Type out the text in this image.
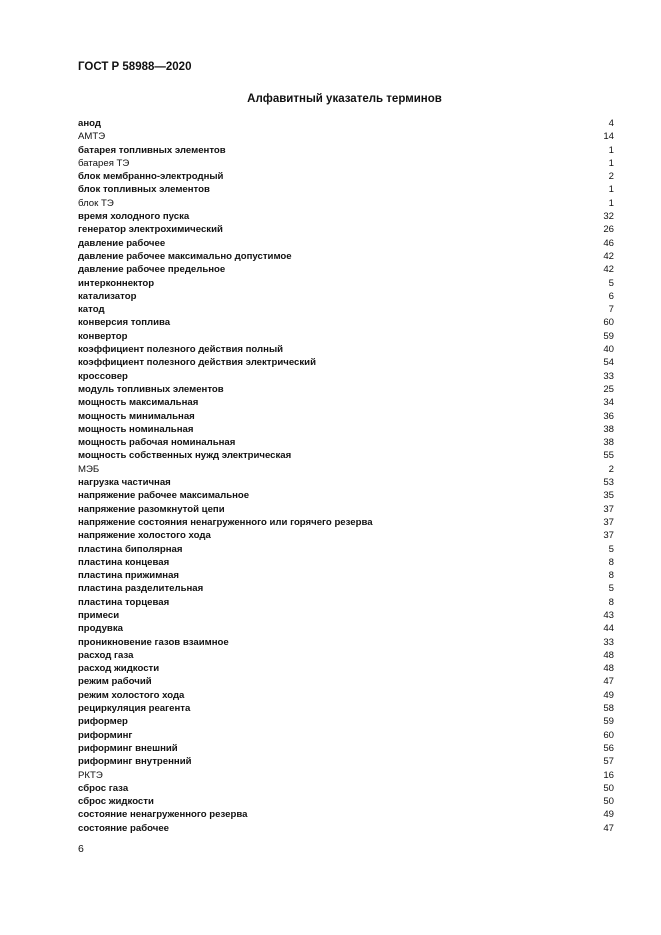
ГОСТ Р 58988—2020
Алфавитный указатель терминов
анод	4
АМТЭ	14
батарея топливных элементов	1
батарея ТЭ	1
блок мембранно-электродный	2
блок топливных элементов	1
блок ТЭ	1
время холодного пуска	32
генератор электрохимический	26
давление рабочее	46
давление рабочее максимально допустимое	42
давление рабочее предельное	42
интерконнектор	5
катализатор	6
катод	7
конверсия топлива	60
конвертор	59
коэффициент полезного действия полный	40
коэффициент полезного действия электрический	54
кроссовер	33
модуль топливных элементов	25
мощность максимальная	34
мощность минимальная	36
мощность номинальная	38
мощность рабочая номинальная	38
мощность собственных нужд электрическая	55
МЭБ	2
нагрузка частичная	53
напряжение рабочее максимальное	35
напряжение разомкнутой цепи	37
напряжение состояния ненагруженного или горячего резерва	37
напряжение холостого хода	37
пластина биполярная	5
пластина концевая	8
пластина прижимная	8
пластина разделительная	5
пластина торцевая	8
примеси	43
продувка	44
проникновение газов взаимное	33
расход газа	48
расход жидкости	48
режим рабочий	47
режим холостого хода	49
рециркуляция реагента	58
риформер	59
риформинг	60
риформинг внешний	56
риформинг внутренний	57
РКТЭ	16
сброс газа	50
сброс жидкости	50
состояние ненагруженного резерва	49
состояние рабочее	47
6
